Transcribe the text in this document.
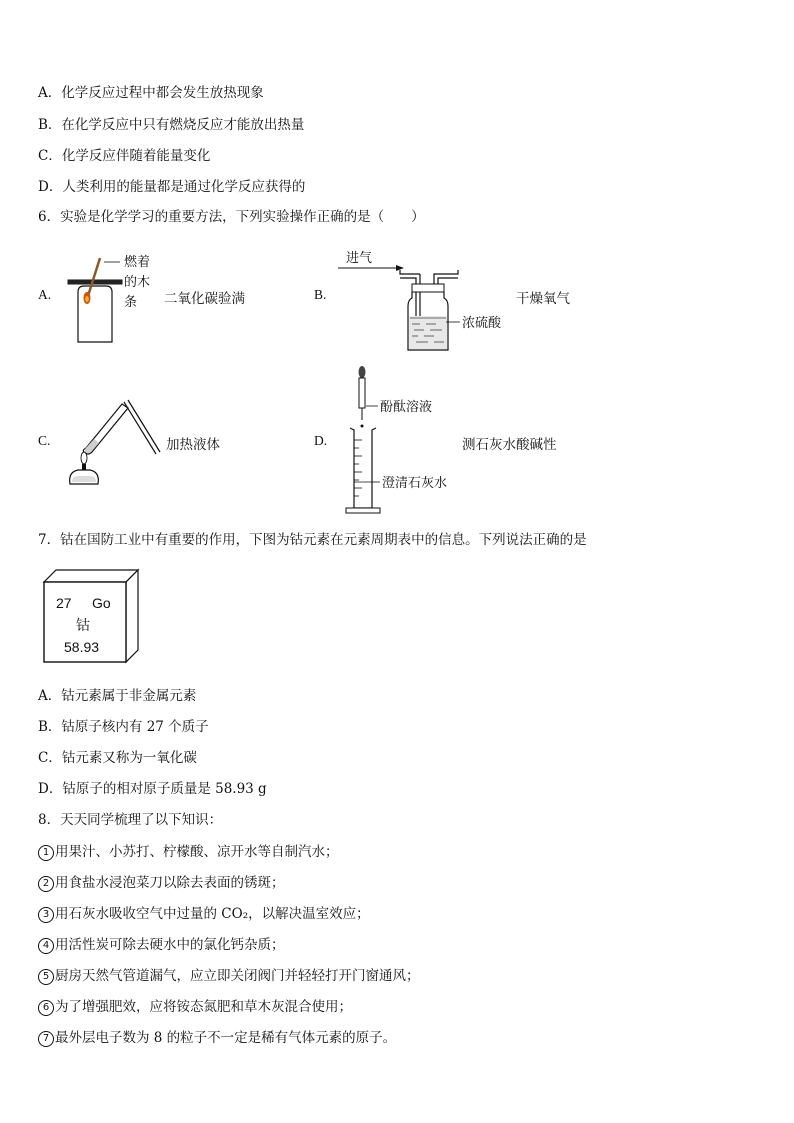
A．化学反应过程中都会发生放热现象
B．在化学反应中只有燃烧反应才能放出热量
C．化学反应伴随着能量变化
D．人类利用的能量都是通过化学反应获得的
6．实验是化学学习的重要方法，下列实验操作正确的是（　　）
A.
燃着
的木
条 二氧化碳验满	B.
进气
浓硫酸
干燥氧气
C.	加热液体	D.
酚酞溶液
澄清石灰水
测石灰水酸碱性
7．钴在国防工业中有重要的作用，下图为钴元素在元素周期表中的信息。下列说法正确的是
27 Go
钴
58.93
A．钴元素属于非金属元素
B．钴原子核内有 27 个质子
C．钴元素又称为一氧化碳
D．钴原子的相对原子质量是 58.93 g
8．天天同学梳理了以下知识：
1 用果汁、小苏打、柠檬酸、凉开水等自制汽水；
2 用食盐水浸泡菜刀以除去表面的锈斑；
3 用石灰水吸收空气中过量的 CO₂，以解决温室效应；
4 用活性炭可除去硬水中的氯化钙杂质；
5 厨房天然气管道漏气，应立即关闭阀门并轻轻打开门窗通风；
6 为了增强肥效，应将铵态氮肥和草木灰混合使用；
7 最外层电子数为 8 的粒子不一定是稀有气体元素的原子。
